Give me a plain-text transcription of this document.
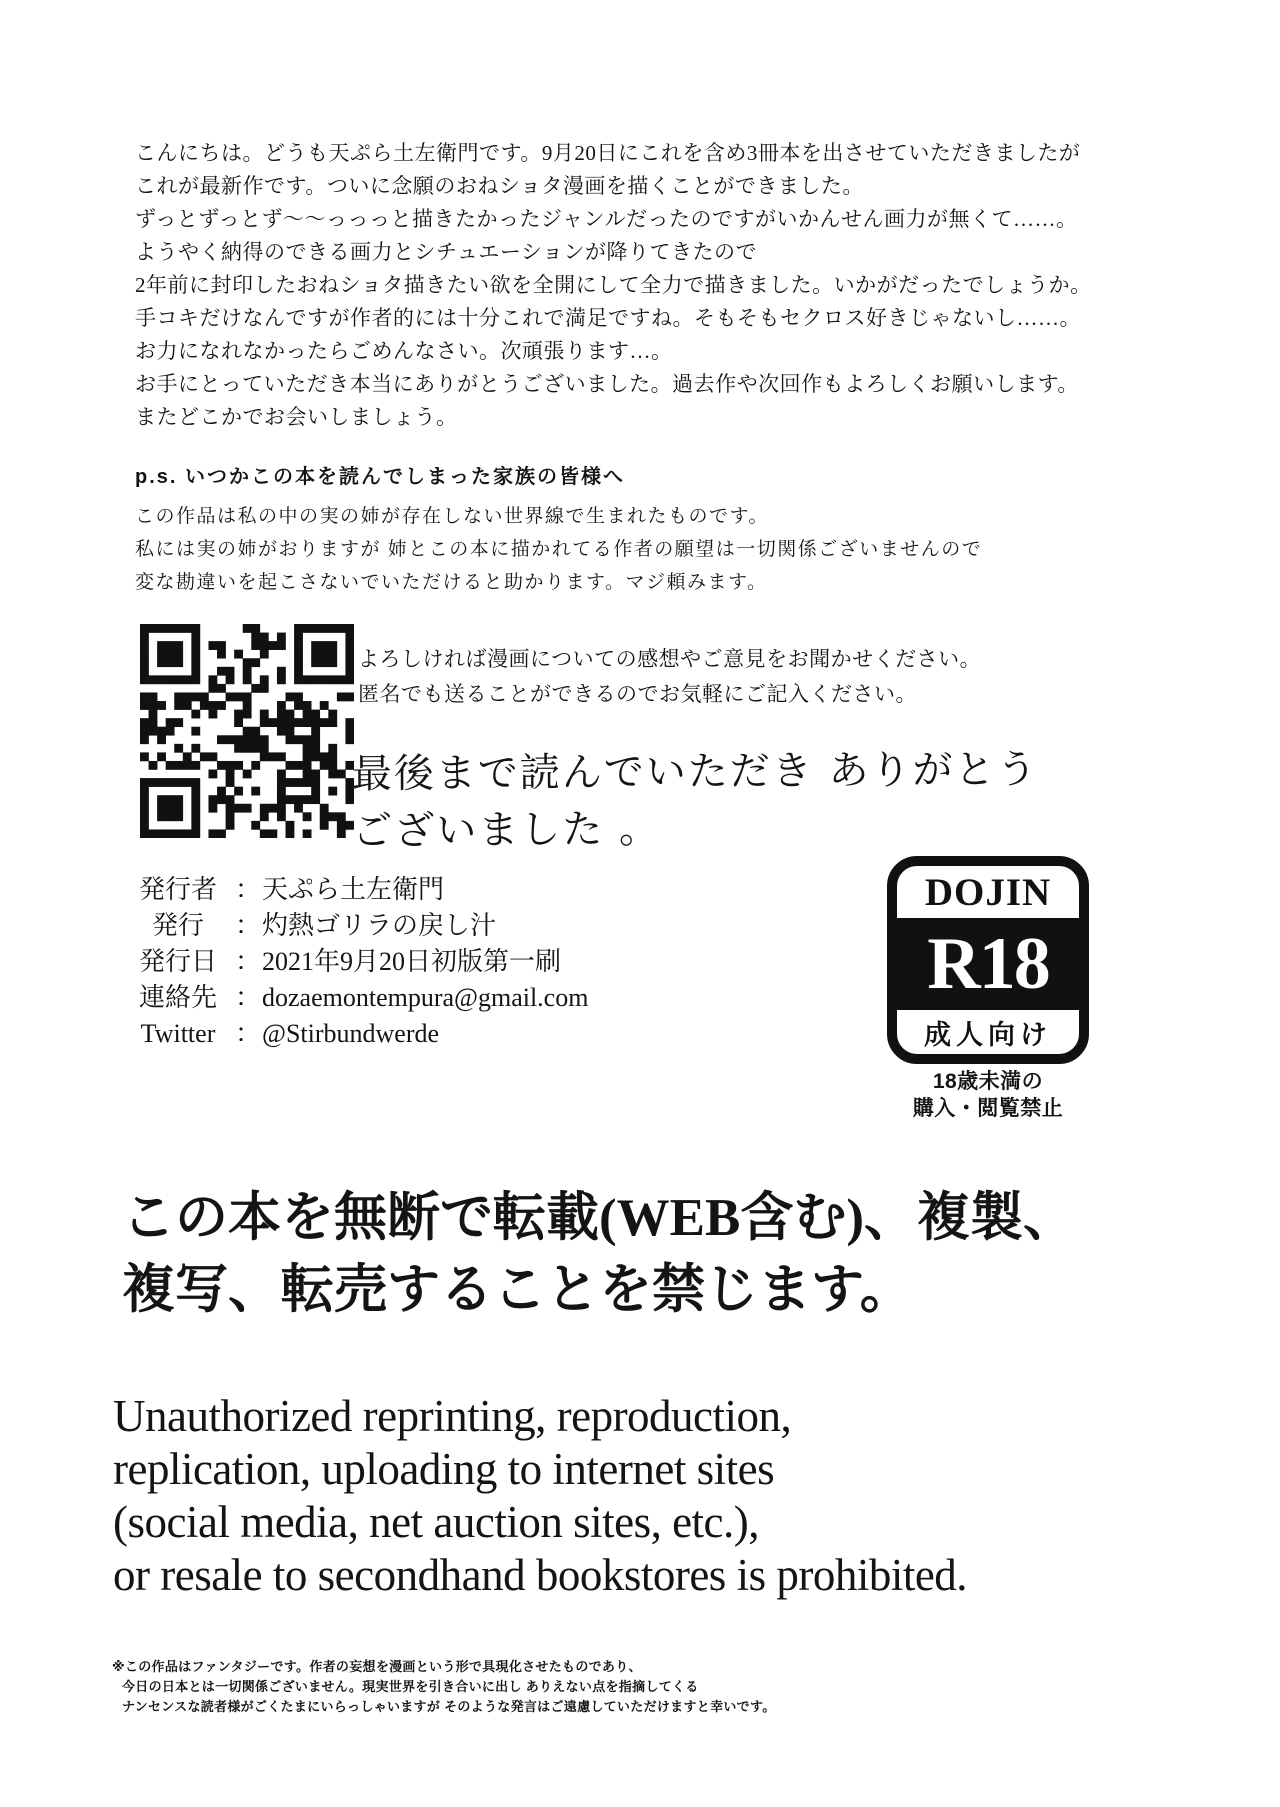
こんにちは。どうも天ぷら土左衛門です。9月20日にこれを含め3冊本を出させていただきましたが
これが最新作です。ついに念願のおねショタ漫画を描くことができました。
ずっとずっとず〜〜っっっと描きたかったジャンルだったのですがいかんせん画力が無くて……。
ようやく納得のできる画力とシチュエーションが降りてきたので
2年前に封印したおねショタ描きたい欲を全開にして全力で描きました。いかがだったでしょうか。
手コキだけなんですが作者的には十分これで満足ですね。そもそもセクロス好きじゃないし……。
お力になれなかったらごめんなさい。次頑張ります…。
お手にとっていただき本当にありがとうございました。過去作や次回作もよろしくお願いします。
またどこかでお会いしましょう。
p.s. いつかこの本を読んでしまった家族の皆様へ
この作品は私の中の実の姉が存在しない世界線で生まれたものです。
私には実の姉がおりますが 姉とこの本に描かれてる作者の願望は一切関係ございませんので
変な勘違いを起こさないでいただけると助かります。マジ頼みます。
よろしければ漫画についての感想やご意見をお聞かせください。
匿名でも送ることができるのでお気軽にご記入ください。
最後まで読んでいただき ありがとうございました 。
発行者 ：天ぷら土左衛門
発行 ：灼熱ゴリラの戻し汁
発行日 ：2021年9月20日初版第一刷
連絡先 ：dozaemontempura@gmail.com
Twitter ：@Stirbundwerde
DOJIN
R18
成人向け
18歳未満の
購入・閲覧禁止
この本を無断で転載(WEB含む)、複製、
複写、転売することを禁じます。
Unauthorized reprinting, reproduction,
replication, uploading to internet sites
(social media, net auction sites, etc.),
or resale to secondhand bookstores is prohibited.
※この作品はファンタジーです。作者の妄想を漫画という形で具現化させたものであり、
今日の日本とは一切関係ございません。現実世界を引き合いに出し ありえない点を指摘してくる
ナンセンスな読者様がごくたまにいらっしゃいますが そのような発言はご遠慮していただけますと幸いです。
